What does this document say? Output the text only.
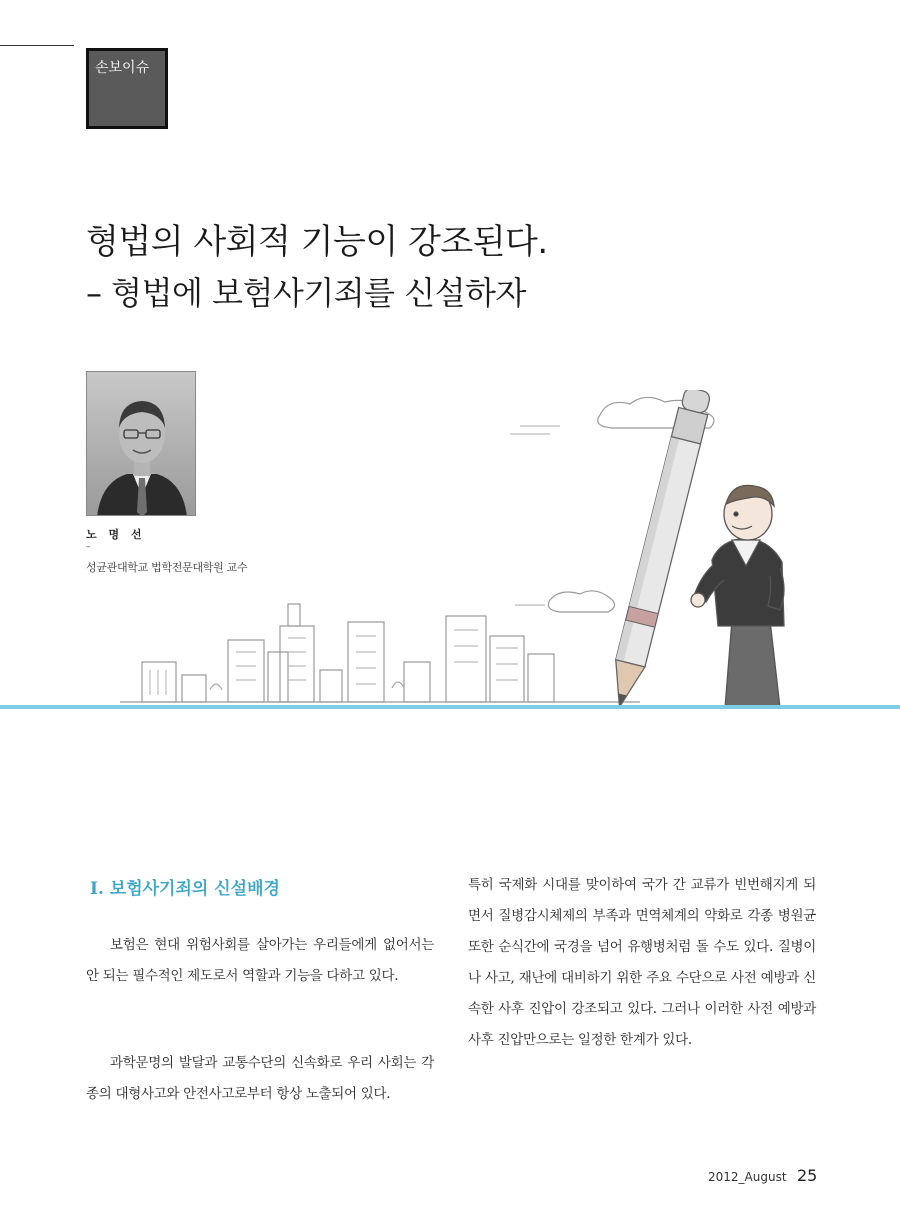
손보이슈
형법의 사회적 기능이 강조된다.
– 형법에 보험사기죄를 신설하자
노 명 선
–
성균관대학교 법학전문대학원 교수
Ⅰ. 보험사기죄의 신설배경

보험은 현대 위험사회를 살아가는 우리들에게 없어서는 안 되는 필수적인 제도로서 역할과 기능을 다하고 있다.

과학문명의 발달과 교통수단의 신속화로 우리 사회는 각종의 대형사고와 안전사고로부터 항상 노출되어 있다.

특히 국제화 시대를 맞이하여 국가 간 교류가 빈번해지게 되면서 질병감시체제의 부족과 면역체계의 약화로 각종 병원균 또한 순식간에 국경을 넘어 유행병처럼 돌 수도 있다. 질병이나 사고, 재난에 대비하기 위한 주요 수단으로 사전 예방과 신속한 사후 진압이 강조되고 있다. 그러나 이러한 사전 예방과 사후 진압만으로는 일정한 한계가 있다.

2012_August 25
